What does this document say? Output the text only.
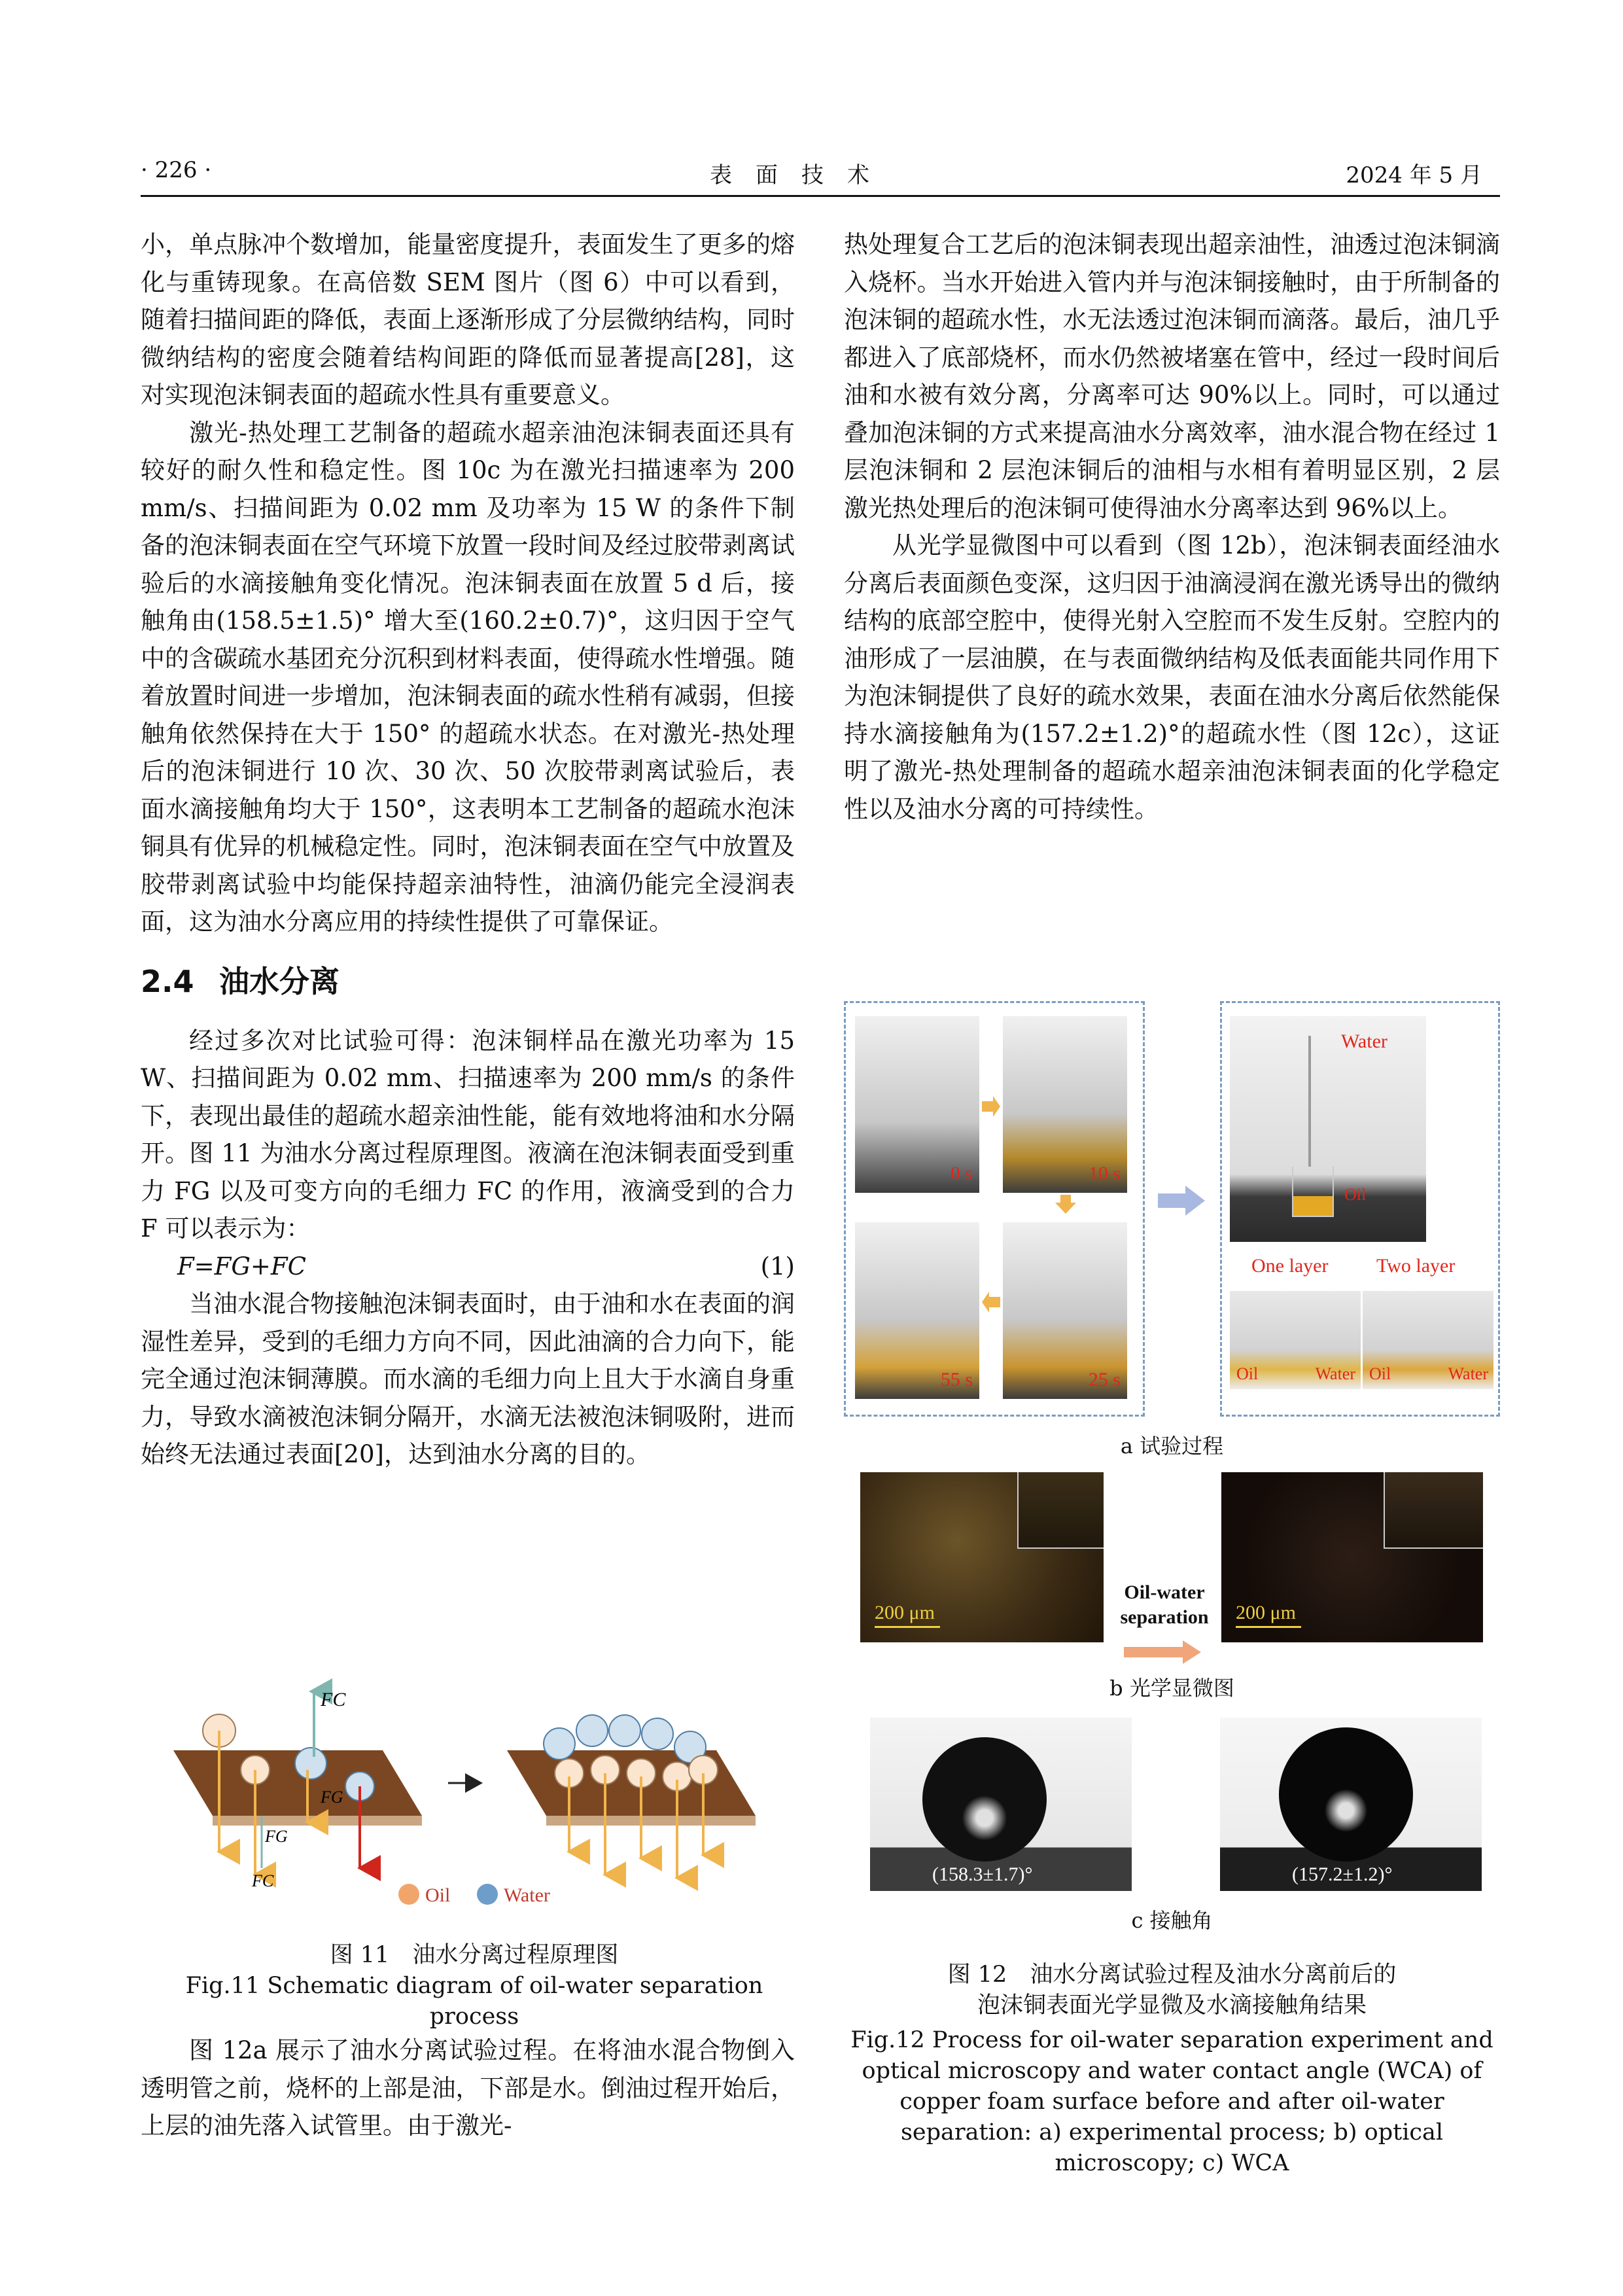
· 226 ·	表面技术	2024 年 5 月

小，单点脉冲个数增加，能量密度提升，表面发生了更多的熔化与重铸现象。在高倍数 SEM 图片（图 6）中可以看到，随着扫描间距的降低，表面上逐渐形成了分层微纳结构，同时微纳结构的密度会随着结构间距的降低而显著提高[28]，这对实现泡沫铜表面的超疏水性具有重要意义。

激光-热处理工艺制备的超疏水超亲油泡沫铜表面还具有较好的耐久性和稳定性。图 10c 为在激光扫描速率为 200 mm/s、扫描间距为 0.02 mm 及功率为 15 W 的条件下制备的泡沫铜表面在空气环境下放置一段时间及经过胶带剥离试验后的水滴接触角变化情况。泡沫铜表面在放置 5 d 后，接触角由(158.5±1.5)° 增大至(160.2±0.7)°，这归因于空气中的含碳疏水基团充分沉积到材料表面，使得疏水性增强。随着放置时间进一步增加，泡沫铜表面的疏水性稍有减弱，但接触角依然保持在大于 150° 的超疏水状态。在对激光-热处理后的泡沫铜进行 10 次、30 次、50 次胶带剥离试验后，表面水滴接触角均大于 150°，这表明本工艺制备的超疏水泡沫铜具有优异的机械稳定性。同时，泡沫铜表面在空气中放置及胶带剥离试验中均能保持超亲油特性，油滴仍能完全浸润表面，这为油水分离应用的持续性提供了可靠保证。

2.4 油水分离

经过多次对比试验可得：泡沫铜样品在激光功率为 15 W、扫描间距为 0.02 mm、扫描速率为 200 mm/s 的条件下，表现出最佳的超疏水超亲油性能，能有效地将油和水分隔开。图 11 为油水分离过程原理图。液滴在泡沫铜表面受到重力 FG 以及可变方向的毛细力 FC 的作用，液滴受到的合力 F 可以表示为：

F=FG+FC	(1)

当油水混合物接触泡沫铜表面时，由于油和水在表面的润湿性差异，受到的毛细力方向不同，因此油滴的合力向下，能完全通过泡沫铜薄膜。而水滴的毛细力向上且大于水滴自身重力，导致水滴被泡沫铜分隔开，水滴无法被泡沫铜吸附，进而始终无法通过表面[20]，达到油水分离的目的。

FC
FG
FG
FC
Oil	Water
图 11　油水分离过程原理图
Fig.11 Schematic diagram of oil-water separation process

图 12a 展示了油水分离试验过程。在将油水混合物倒入透明管之前，烧杯的上部是油，下部是水。倒油过程开始后，上层的油先落入试管里。由于激光-

热处理复合工艺后的泡沫铜表现出超亲油性，油透过泡沫铜滴入烧杯。当水开始进入管内并与泡沫铜接触时，由于所制备的泡沫铜的超疏水性，水无法透过泡沫铜而滴落。最后，油几乎都进入了底部烧杯，而水仍然被堵塞在管中，经过一段时间后油和水被有效分离，分离率可达 90%以上。同时，可以通过叠加泡沫铜的方式来提高油水分离效率，油水混合物在经过 1 层泡沫铜和 2 层泡沫铜后的油相与水相有着明显区别，2 层激光热处理后的泡沫铜可使得油水分离率达到 96%以上。

从光学显微图中可以看到（图 12b），泡沫铜表面经油水分离后表面颜色变深，这归因于油滴浸润在激光诱导出的微纳结构的底部空腔中，使得光射入空腔而不发生反射。空腔内的油形成了一层油膜，在与表面微纳结构及低表面能共同作用下为泡沫铜提供了良好的疏水效果，表面在油水分离后依然能保持水滴接触角为(157.2±1.2)°的超疏水性（图 12c），这证明了激光-热处理制备的超疏水超亲油泡沫铜表面的化学稳定性以及油水分离的可持续性。

0 s	10 s
55 s	25 s
Water
Oil
One layer Two layer
Oil	Water Oil	Water
a 试验过程
200 μm
Oil-water separation	200 μm
b 光学显微图
(158.3±1.7)°	(157.2±1.2)°
c 接触角
图 12　油水分离试验过程及油水分离前后的
泡沫铜表面光学显微及水滴接触角结果
Fig.12 Process for oil-water separation experiment and optical microscopy and water contact angle (WCA) of copper foam surface before and after oil-water separation: a) experimental process; b) optical microscopy; c) WCA
